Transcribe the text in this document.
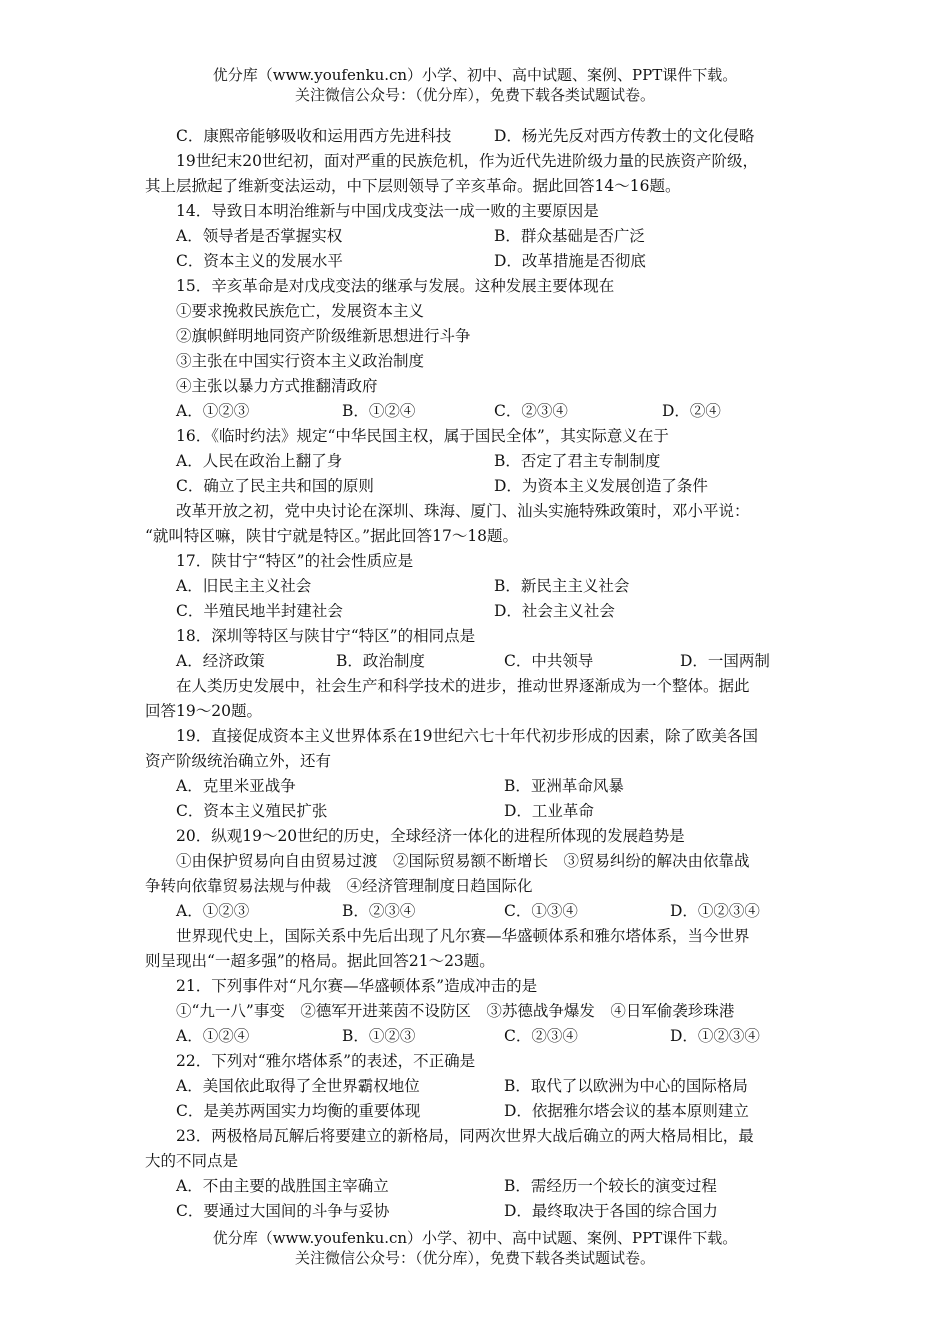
优分库（www.youfenku.cn）小学、初中、高中试题、案例、PPT课件下载。
关注微信公众号：（优分库），免费下载各类试题试卷。
C．康熙帝能够吸收和运用西方先进科技	D．杨光先反对西方传教士的文化侵略
19世纪末20世纪初，面对严重的民族危机，作为近代先进阶级力量的民族资产阶级，
其上层掀起了维新变法运动，中下层则领导了辛亥革命。据此回答14～16题。
14．导致日本明治维新与中国戊戌变法一成一败的主要原因是
A．领导者是否掌握实权	B．群众基础是否广泛
C．资本主义的发展水平	D．改革措施是否彻底
15．辛亥革命是对戊戌变法的继承与发展。这种发展主要体现在
①要求挽救民族危亡，发展资本主义
②旗帜鲜明地同资产阶级维新思想进行斗争
③主张在中国实行资本主义政治制度
④主张以暴力方式推翻清政府
A．①②③	B．①②④	C．②③④	D．②④
16．《临时约法》规定“中华民国主权，属于国民全体”，其实际意义在于
A．人民在政治上翻了身	B．否定了君主专制制度
C．确立了民主共和国的原则	D．为资本主义发展创造了条件
改革开放之初，党中央讨论在深圳、珠海、厦门、汕头实施特殊政策时，邓小平说：
“就叫特区嘛，陕甘宁就是特区。”据此回答17～18题。
17．陕甘宁“特区”的社会性质应是
A．旧民主主义社会	B．新民主主义社会
C．半殖民地半封建社会	D．社会主义社会
18．深圳等特区与陕甘宁“特区”的相同点是
A．经济政策	B．政治制度	C．中共领导	D．一国两制
在人类历史发展中，社会生产和科学技术的进步，推动世界逐渐成为一个整体。据此
回答19～20题。
19．直接促成资本主义世界体系在19世纪六七十年代初步形成的因素，除了欧美各国
资产阶级统治确立外，还有
A．克里米亚战争	B．亚洲革命风暴
C．资本主义殖民扩张	D．工业革命
20．纵观19～20世纪的历史，全球经济一体化的进程所体现的发展趋势是
①由保护贸易向自由贸易过渡　②国际贸易额不断增长　③贸易纠纷的解决由依靠战
争转向依靠贸易法规与仲裁　④经济管理制度日趋国际化
A．①②③	B．②③④	C．①③④	D．①②③④
世界现代史上，国际关系中先后出现了凡尔赛—华盛顿体系和雅尔塔体系，当今世界
则呈现出“一超多强”的格局。据此回答21～23题。
21．下列事件对“凡尔赛—华盛顿体系”造成冲击的是
①“九一八”事变　②德军开进莱茵不设防区　③苏德战争爆发　④日军偷袭珍珠港
A．①②④	B．①②③	C．②③④	D．①②③④
22．下列对“雅尔塔体系”的表述，不正确是
A．美国依此取得了全世界霸权地位	B．取代了以欧洲为中心的国际格局
C．是美苏两国实力均衡的重要体现	D．依据雅尔塔会议的基本原则建立
23．两极格局瓦解后将要建立的新格局，同两次世界大战后确立的两大格局相比，最
大的不同点是
A．不由主要的战胜国主宰确立	B．需经历一个较长的演变过程
C．要通过大国间的斗争与妥协	D．最终取决于各国的综合国力
优分库（www.youfenku.cn）小学、初中、高中试题、案例、PPT课件下载。
关注微信公众号：（优分库），免费下载各类试题试卷。
